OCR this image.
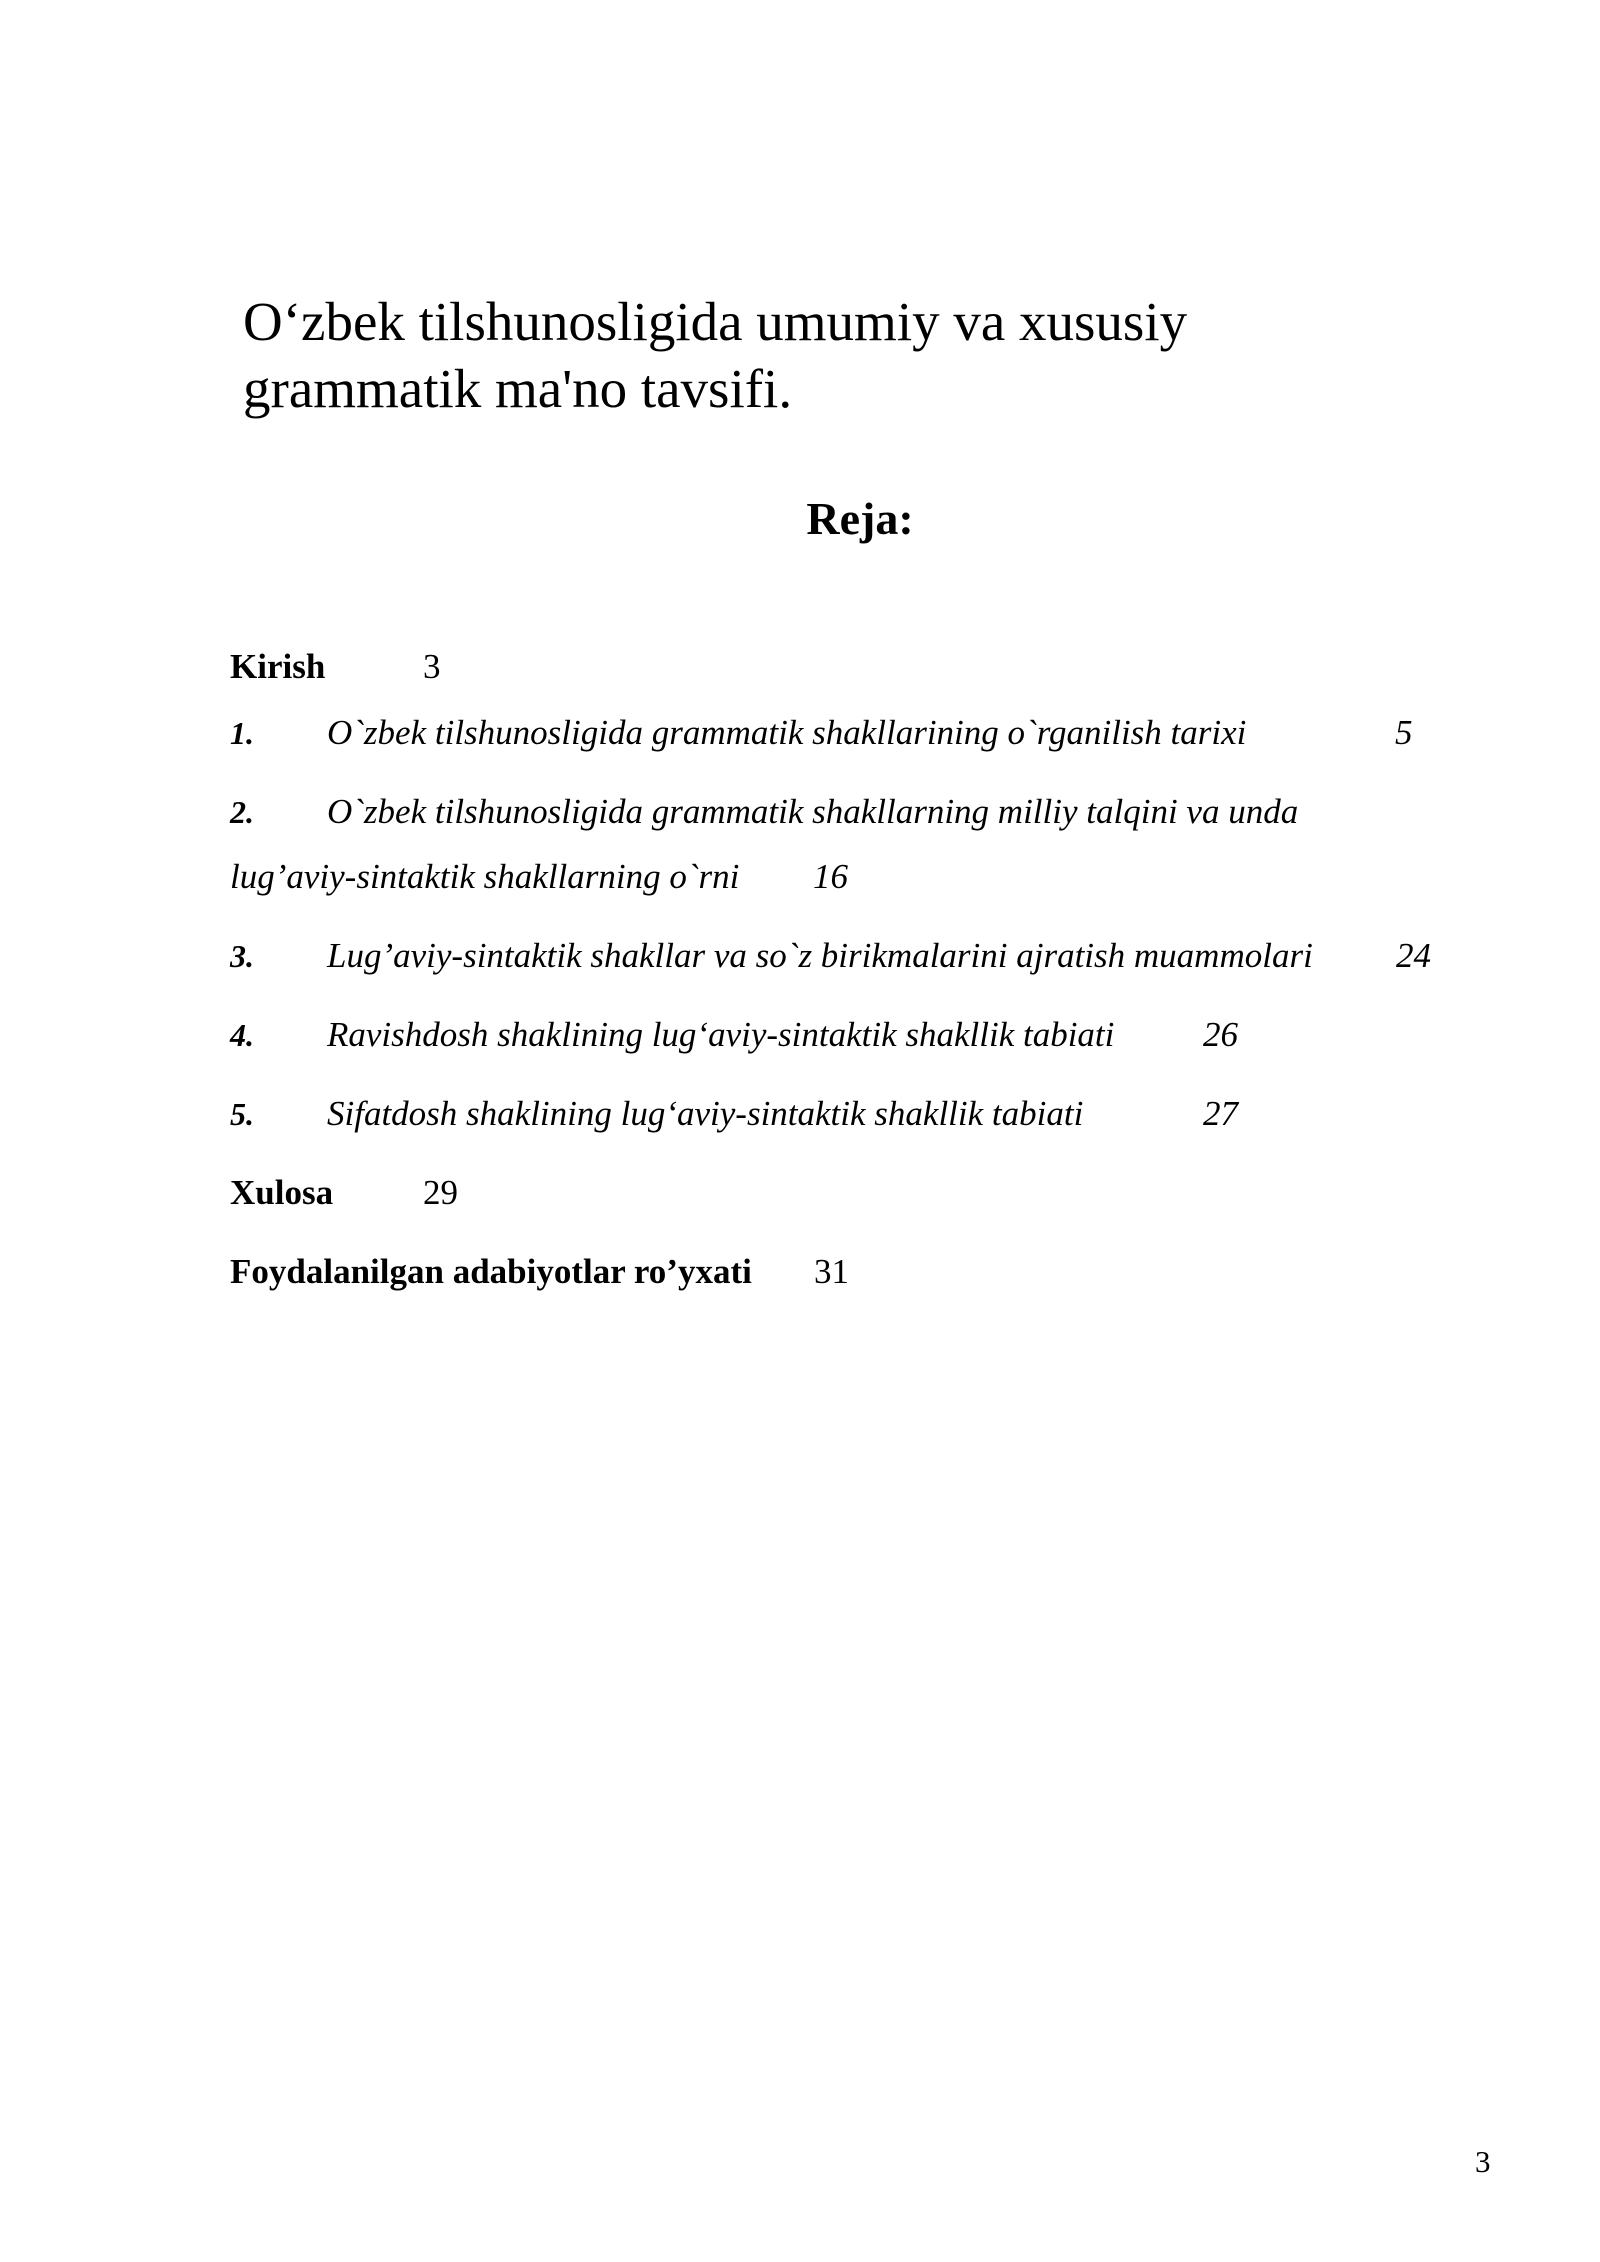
O‘zbek tilshunosligida umumiy va xususiy grammatik ma'no tavsifi.
Reja:
Kirish	3
1. O`zbek tilshunosligida grammatik shakllarining o`rganilish tarixi	5
2. O`zbek tilshunosligida grammatik shakllarning milliy talqini va unda
lug’aviy-sintaktik shakllarning o`rni 16
3. Lug’aviy-sintaktik shakllar va so`z birikmalarini ajratish muammolari 24
4. Ravishdosh shaklining lug‘aviy-sintaktik shakllik tabiati	26
5. Sifatdosh shaklining lug‘aviy-sintaktik shakllik tabiati	27
Xulosa	29
Foydalanilgan adabiyotlar ro’yxati 31
3
